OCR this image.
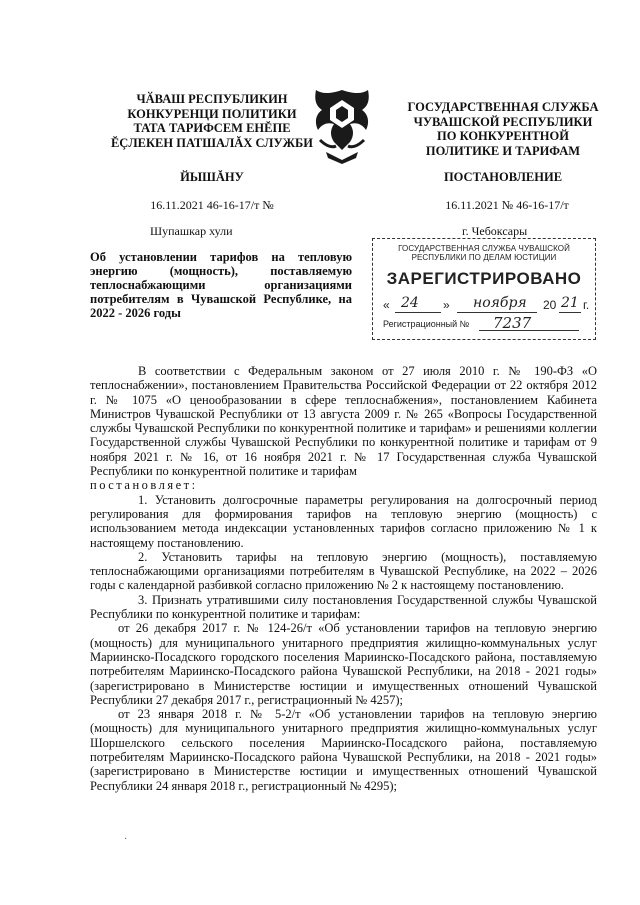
ЧӐВАШ РЕСПУБЛИКИН
КОНКУРЕНЦИ ПОЛИТИКИ
ТАТА ТАРИФСЕМ ЕНĔПЕ
ĔÇЛЕКЕН ПАТШАЛĂХ СЛУЖБИ
ГОСУДАРСТВЕННАЯ СЛУЖБА
ЧУВАШСКОЙ РЕСПУБЛИКИ
ПО КОНКУРЕНТНОЙ
ПОЛИТИКЕ И ТАРИФАМ
ЙЫШĂНУ	ПОСТАНОВЛЕНИЕ
16.11.2021 46-16-17/т №	16.11.2021 № 46-16-17/т
Шупашкар хули	г. Чебоксары
ГОСУДАРСТВЕННАЯ СЛУЖБА ЧУВАШСКОЙ
РЕСПУБЛИКИ ПО ДЕЛАМ ЮСТИЦИИ
ЗАРЕГИСТРИРОВАНО
« 24 » ноября 20 21 г.
Регистрационный № 7237
Об установлении тарифов на тепловую энергию (мощность), поставляемую теплоснабжающими организациями потребителям в Чувашской Республике, на 2022 - 2026 годы

В соответствии с Федеральным законом от 27 июля 2010 г. № 190-ФЗ «О теплоснабжении», постановлением Правительства Российской Федерации от 22 октября 2012 г. № 1075 «О ценообразовании в сфере теплоснабжения», постановлением Кабинета Министров Чувашской Республики от 13 августа 2009 г. № 265 «Вопросы Государственной службы Чувашской Республики по конкурентной политике и тарифам» и решениями коллегии Государственной службы Чувашской Республики по конкурентной политике и тарифам от 9 ноября 2021 г. № 16, от 16 ноября 2021 г. № 17 Государственная служба Чувашской Республики по конкурентной политике и тарифам

постановляет:

1. Установить долгосрочные параметры регулирования на долгосрочный период регулирования для формирования тарифов на тепловую энергию (мощность) с использованием метода индексации установленных тарифов согласно приложению № 1 к настоящему постановлению.

2. Установить тарифы на тепловую энергию (мощность), поставляемую теплоснабжающими организациями потребителям в Чувашской Республике, на 2022 – 2026 годы с календарной разбивкой согласно приложению № 2 к настоящему постановлению.

3. Признать утратившими силу постановления Государственной службы Чувашской Республики по конкурентной политике и тарифам:

от 26 декабря 2017 г. № 124-26/т «Об установлении тарифов на тепловую энергию (мощность) для муниципального унитарного предприятия жилищно-коммунальных услуг Мариинско-Посадского городского поселения Мариинско-Посадского района, поставляемую потребителям Мариинско-Посадского района Чувашской Республики, на 2018 - 2021 годы» (зарегистрировано в Министерстве юстиции и имущественных отношений Чувашской Республики 27 декабря 2017 г., регистрационный № 4257);

от 23 января 2018 г. № 5-2/т «Об установлении тарифов на тепловую энергию (мощность) для муниципального унитарного предприятия жилищно-коммунальных услуг Шоршелского сельского поселения Мариинско-Посадского района, поставляемую потребителям Мариинско-Посадского района Чувашской Республики, на 2018 - 2021 годы» (зарегистрировано в Министерстве юстиции и имущественных отношений Чувашской Республики 24 января 2018 г., регистрационный № 4295);

·
